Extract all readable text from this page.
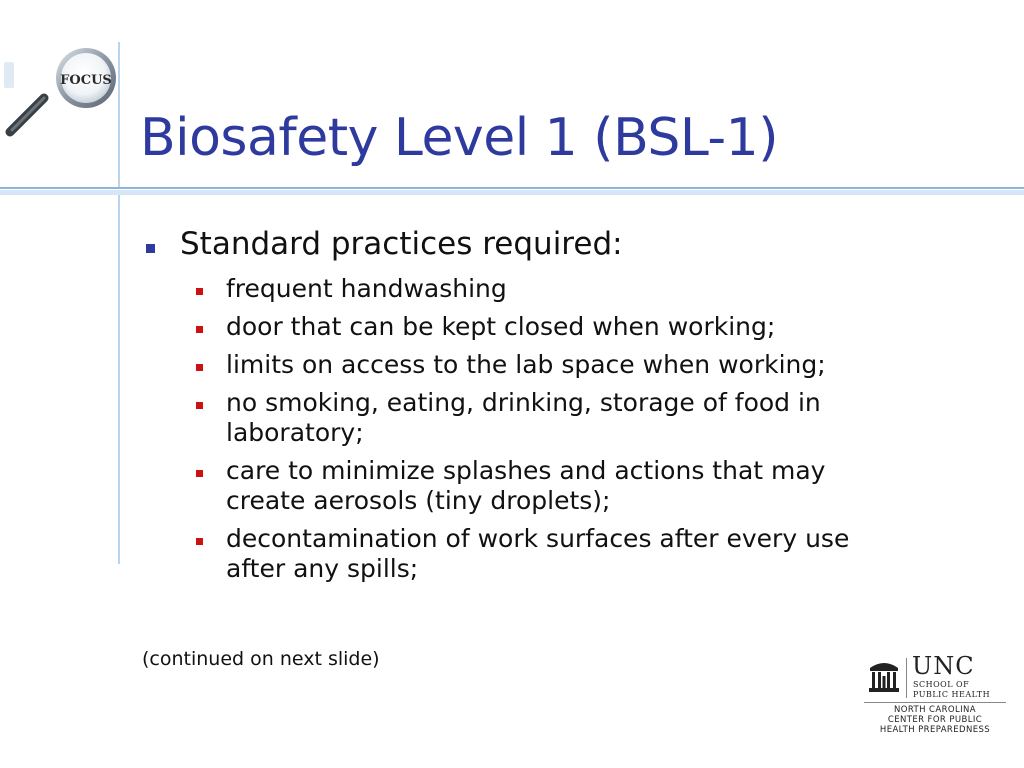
FOCUS
Biosafety Level 1 (BSL-1)
Standard practices required:
frequent handwashing
door that can be kept closed when working;
limits on access to the lab space when working;
no smoking, eating, drinking, storage of food in
laboratory;
care to minimize splashes and actions that may
create aerosols (tiny droplets);
decontamination of work surfaces after every use
after any spills;
(continued on next slide)	UNC
SCHOOL OF
PUBLIC HEALTH
NORTH CAROLINA
CENTER FOR PUBLIC
HEALTH PREPAREDNESS
